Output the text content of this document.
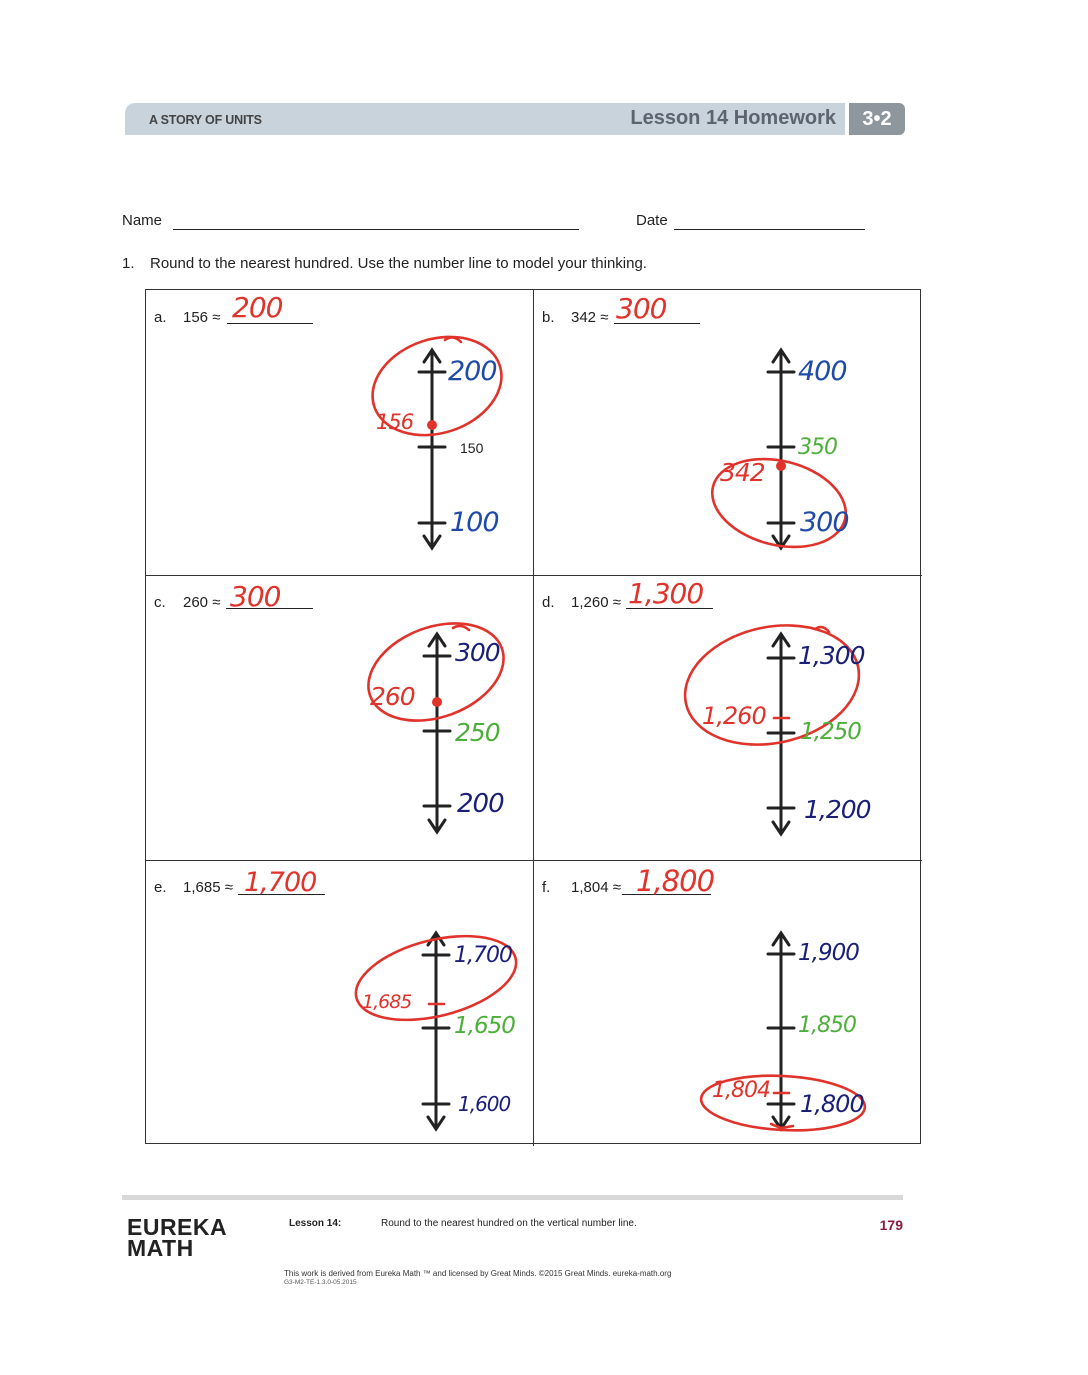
A STORY OF UNITS	Lesson 14 Homework	3•2
Name	Date
1. Round to the nearest hundred. Use the number line to model your thinking.
a. 156 ≈ 200	b. 342 ≈ 300
c. 260 ≈ 300	d. 1,260 ≈ 1,300
e. 1,685 ≈ 1,700	f. 1,804 ≈ 1,800
200
150
100
156
400
350
300
342
300
250
200
260
1,300
1,250
1,200
1,260
1,700
1,650
1,600
1,685
1,900
1,850
1,800
1,804
EUREKA
MATH
Lesson 14:	Round to the nearest hundred on the vertical number line.	179
This work is derived from Eureka Math ™ and licensed by Great Minds. ©2015 Great Minds. eureka-math.org
G3-M2-TE-1.3.0-05.2015
